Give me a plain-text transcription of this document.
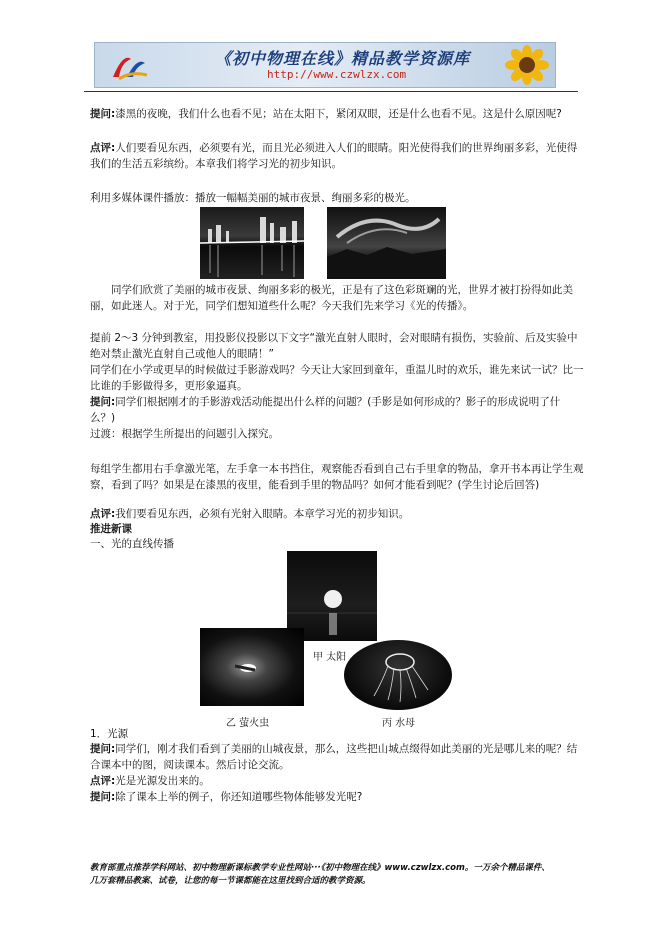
《初中物理在线》精品教学资源库
http://www.czwlzx.com

提问:漆黑的夜晚，我们什么也看不见；站在太阳下，紧闭双眼，还是什么也看不见。这是什么原因呢?

点评:人们要看见东西，必须要有光，而且光必须进入人们的眼睛。阳光使得我们的世界绚丽多彩，光使得我们的生活五彩缤纷。本章我们将学习光的初步知识。

利用多媒体课件播放：播放一幅幅美丽的城市夜景、绚丽多彩的极光。

同学们欣赏了美丽的城市夜景、绚丽多彩的极光，正是有了这色彩斑斓的光，世界才被打扮得如此美丽，如此迷人。对于光，同学们想知道些什么呢？今天我们先来学习《光的传播》。

提前 2～3 分钟到教室，用投影仪投影以下文字“激光直射人眼时，会对眼睛有损伤，实验前、后及实验中绝对禁止激光直射自己或他人的眼睛！”

同学们在小学或更早的时候做过手影游戏吗？今天让大家回到童年，重温儿时的欢乐，谁先来试一试？比一比谁的手影做得多，更形象逼真。

提问:同学们根据刚才的手影游戏活动能提出什么样的问题？(手影是如何形成的？影子的形成说明了什么？)

过渡：根据学生所提出的问题引入探究。

每组学生都用右手拿激光笔，左手拿一本书挡住，观察能否看到自己右手里拿的物品，拿开书本再让学生观察，看到了吗？如果是在漆黑的夜里，能看到手里的物品吗？如何才能看到呢？(学生讨论后回答)

点评:我们要看见东西，必须有光射入眼睛。本章学习光的初步知识。

推进新课

一、光的直线传播

甲 太阳
乙 萤火虫	丙 水母

1．光源

提问:同学们，刚才我们看到了美丽的山城夜景，那么，这些把山城点缀得如此美丽的光是哪儿来的呢？结合课本中的图，阅读课本。然后讨论交流。

点评:光是光源发出来的。

提问:除了课本上举的例子，你还知道哪些物体能够发光呢?

教育部重点推荐学科网站、初中物理新课标教学专业性网站···《初中物理在线》www.czwlzx.com。一万余个精品课件、
几万套精品教案、试卷，让您的每一节课都能在这里找到合适的教学资源。
